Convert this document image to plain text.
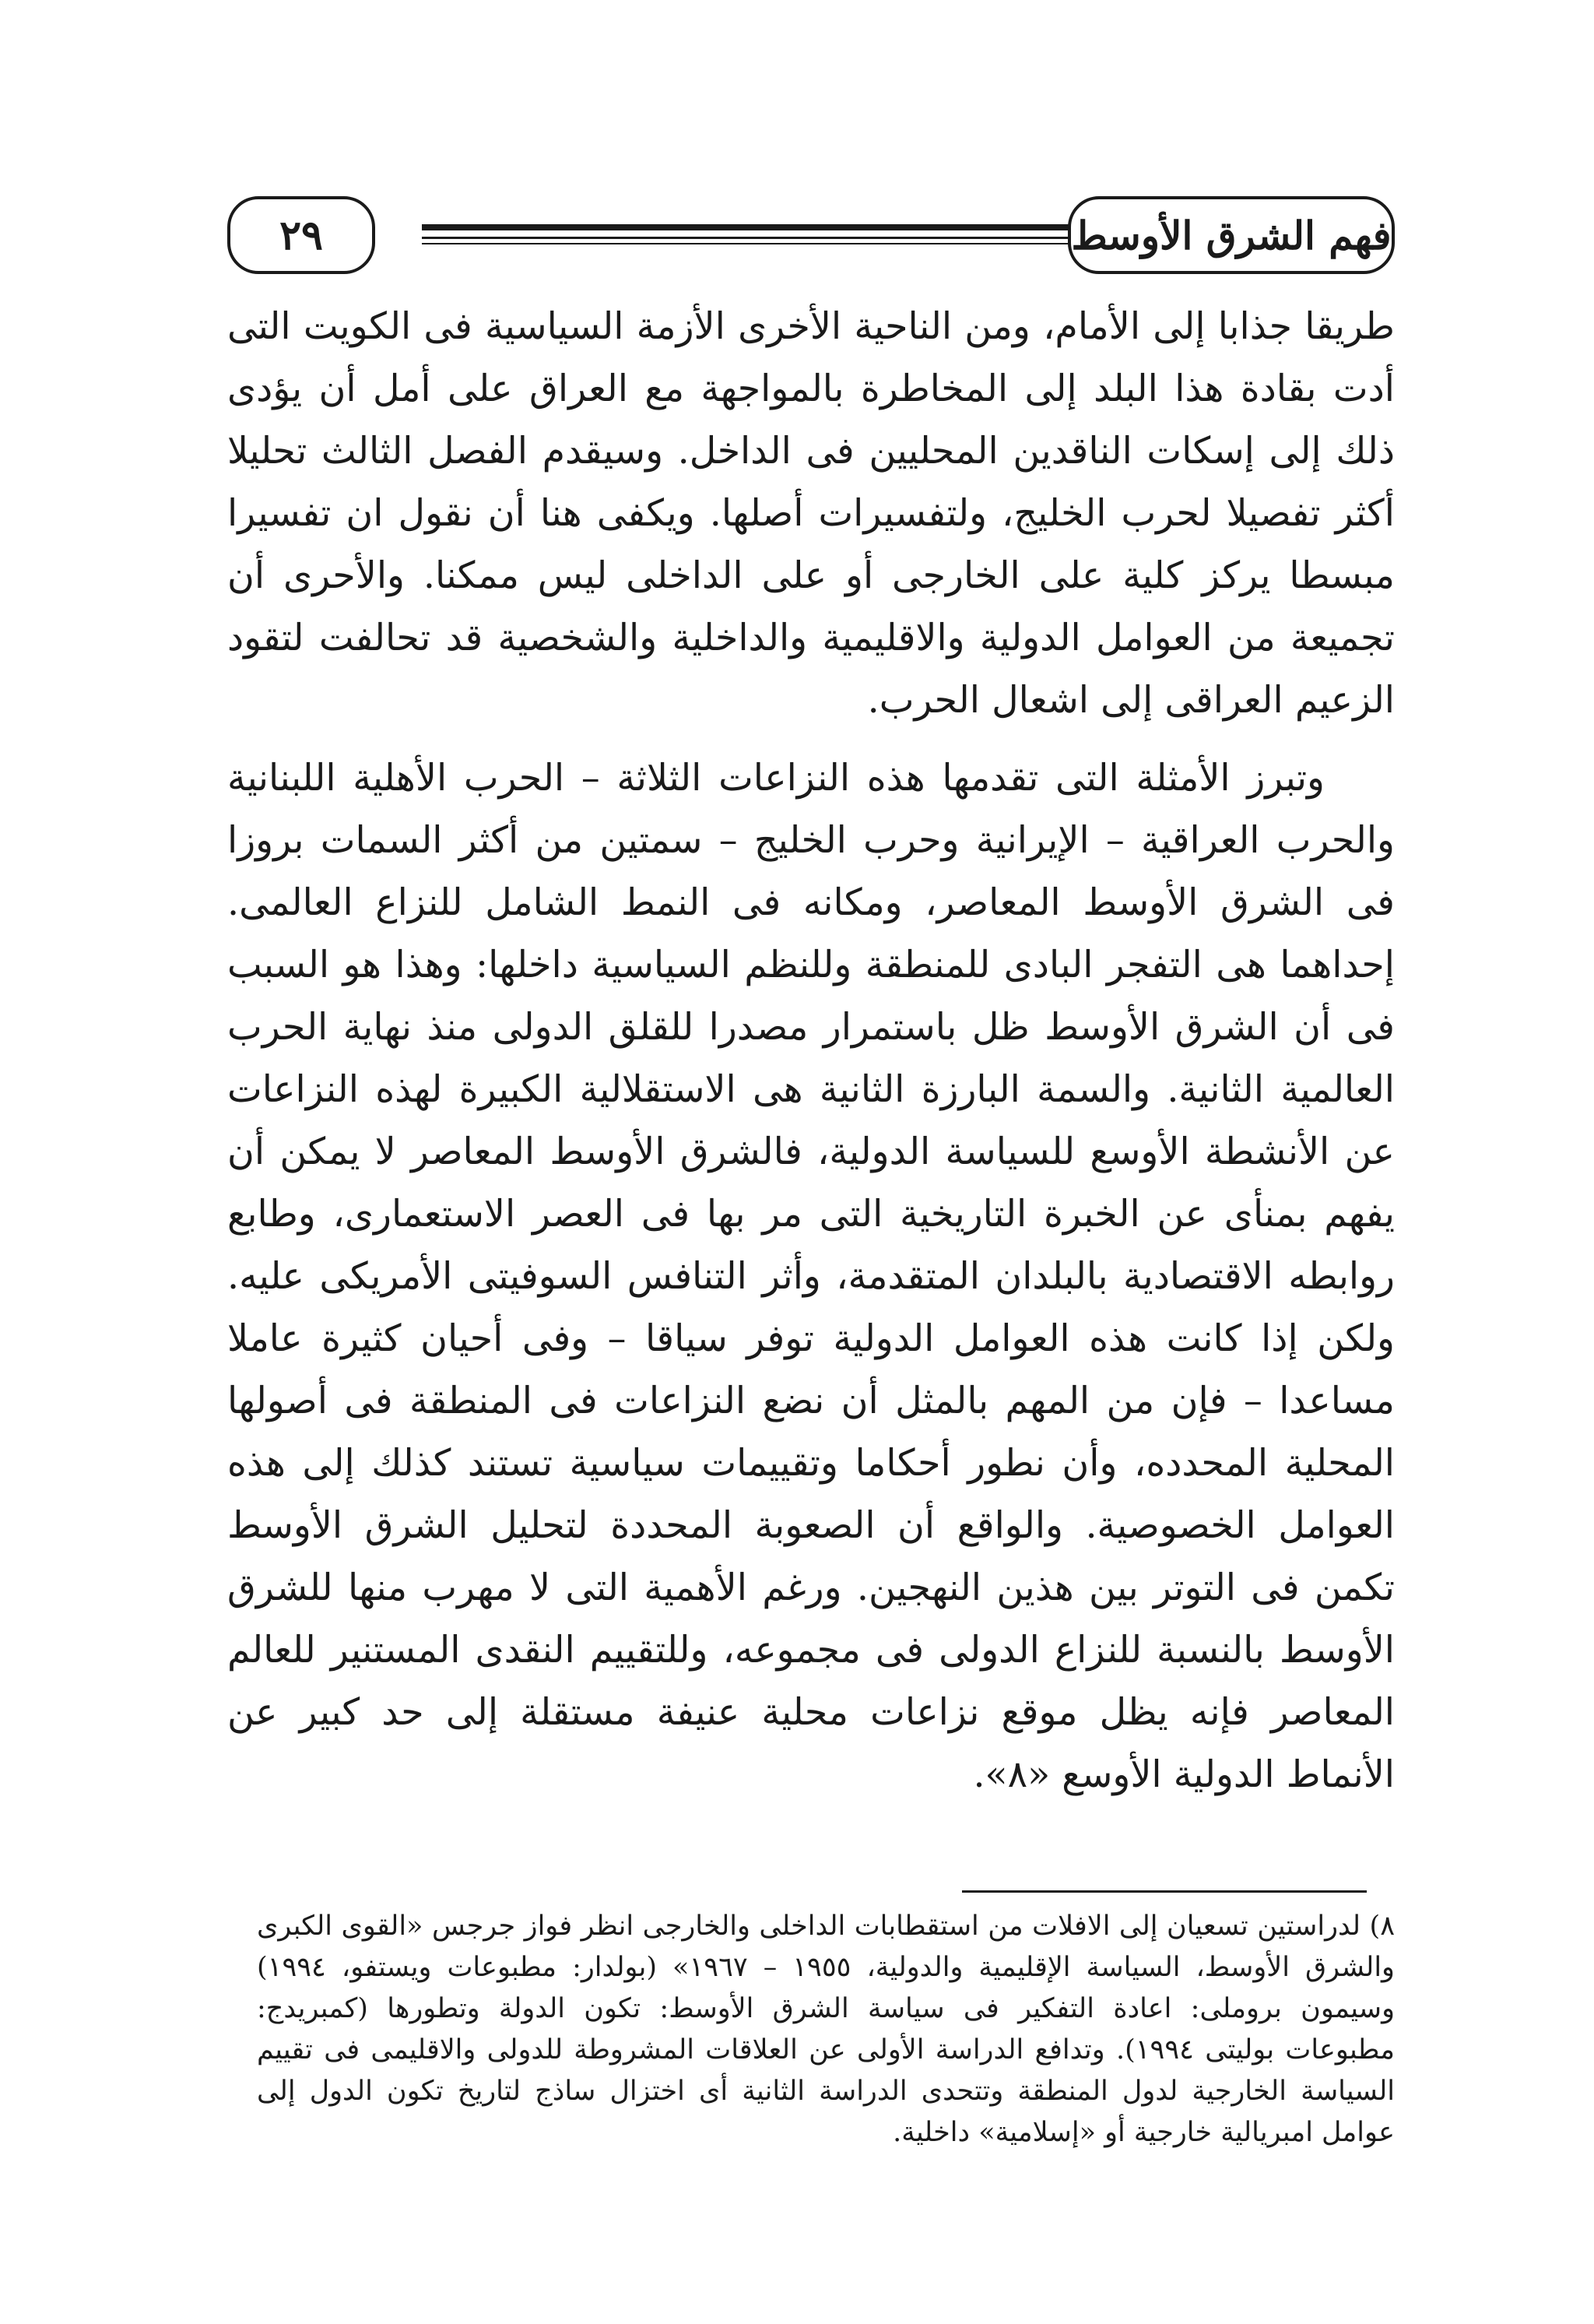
فهم الشرق الأوسط
٢٩

طريقا جذابا إلى الأمام، ومن الناحية الأخرى الأزمة السياسية فى الكويت التى أدت بقادة هذا البلد إلى المخاطرة بالمواجهة مع العراق على أمل أن يؤدى ذلك إلى إسكات الناقدين المحليين فى الداخل. وسيقدم الفصل الثالث تحليلا أكثر تفصيلا لحرب الخليج، ولتفسيرات أصلها. ويكفى هنا أن نقول ان تفسيرا مبسطا يركز كلية على الخارجى أو على الداخلى ليس ممكنا. والأحرى أن تجميعة من العوامل الدولية والاقليمية والداخلية والشخصية قد تحالفت لتقود الزعيم العراقى إلى اشعال الحرب.

وتبرز الأمثلة التى تقدمها هذه النزاعات الثلاثة – الحرب الأهلية اللبنانية والحرب العراقية – الإيرانية وحرب الخليج – سمتين من أكثر السمات بروزا فى الشرق الأوسط المعاصر، ومكانه فى النمط الشامل للنزاع العالمى. إحداهما هى التفجر البادى للمنطقة وللنظم السياسية داخلها: وهذا هو السبب فى أن الشرق الأوسط ظل باستمرار مصدرا للقلق الدولى منذ نهاية الحرب العالمية الثانية. والسمة البارزة الثانية هى الاستقلالية الكبيرة لهذه النزاعات عن الأنشطة الأوسع للسياسة الدولية، فالشرق الأوسط المعاصر لا يمكن أن يفهم بمنأى عن الخبرة التاريخية التى مر بها فى العصر الاستعمارى، وطابع روابطه الاقتصادية بالبلدان المتقدمة، وأثر التنافس السوفيتى الأمريكى عليه. ولكن إذا كانت هذه العوامل الدولية توفر سياقا – وفى أحيان كثيرة عاملا مساعدا – فإن من المهم بالمثل أن نضع النزاعات فى المنطقة فى أصولها المحلية المحدده، وأن نطور أحكاما وتقييمات سياسية تستند كذلك إلى هذه العوامل الخصوصية. والواقع أن الصعوبة المحددة لتحليل الشرق الأوسط تكمن فى التوتر بين هذين النهجين. ورغم الأهمية التى لا مهرب منها للشرق الأوسط بالنسبة للنزاع الدولى فى مجموعه، وللتقييم النقدى المستنير للعالم المعاصر فإنه يظل موقع نزاعات محلية عنيفة مستقلة إلى حد كبير عن الأنماط الدولية الأوسع «٨».

٨) لدراستين تسعيان إلى الافلات من استقطابات الداخلى والخارجى انظر فواز جرجس «القوى الكبرى والشرق الأوسط، السياسة الإقليمية والدولية، ١٩٥٥ – ١٩٦٧» (بولدار: مطبوعات ويستفو، ١٩٩٤) وسيمون بروملى: اعادة التفكير فى سياسة الشرق الأوسط: تكون الدولة وتطورها (كمبريدج: مطبوعات بوليتى ١٩٩٤). وتدافع الدراسة الأولى عن العلاقات المشروطة للدولى والاقليمى فى تقييم السياسة الخارجية لدول المنطقة وتتحدى الدراسة الثانية أى اختزال ساذج لتاريخ تكون الدول إلى عوامل امبريالية خارجية أو «إسلامية» داخلية.
